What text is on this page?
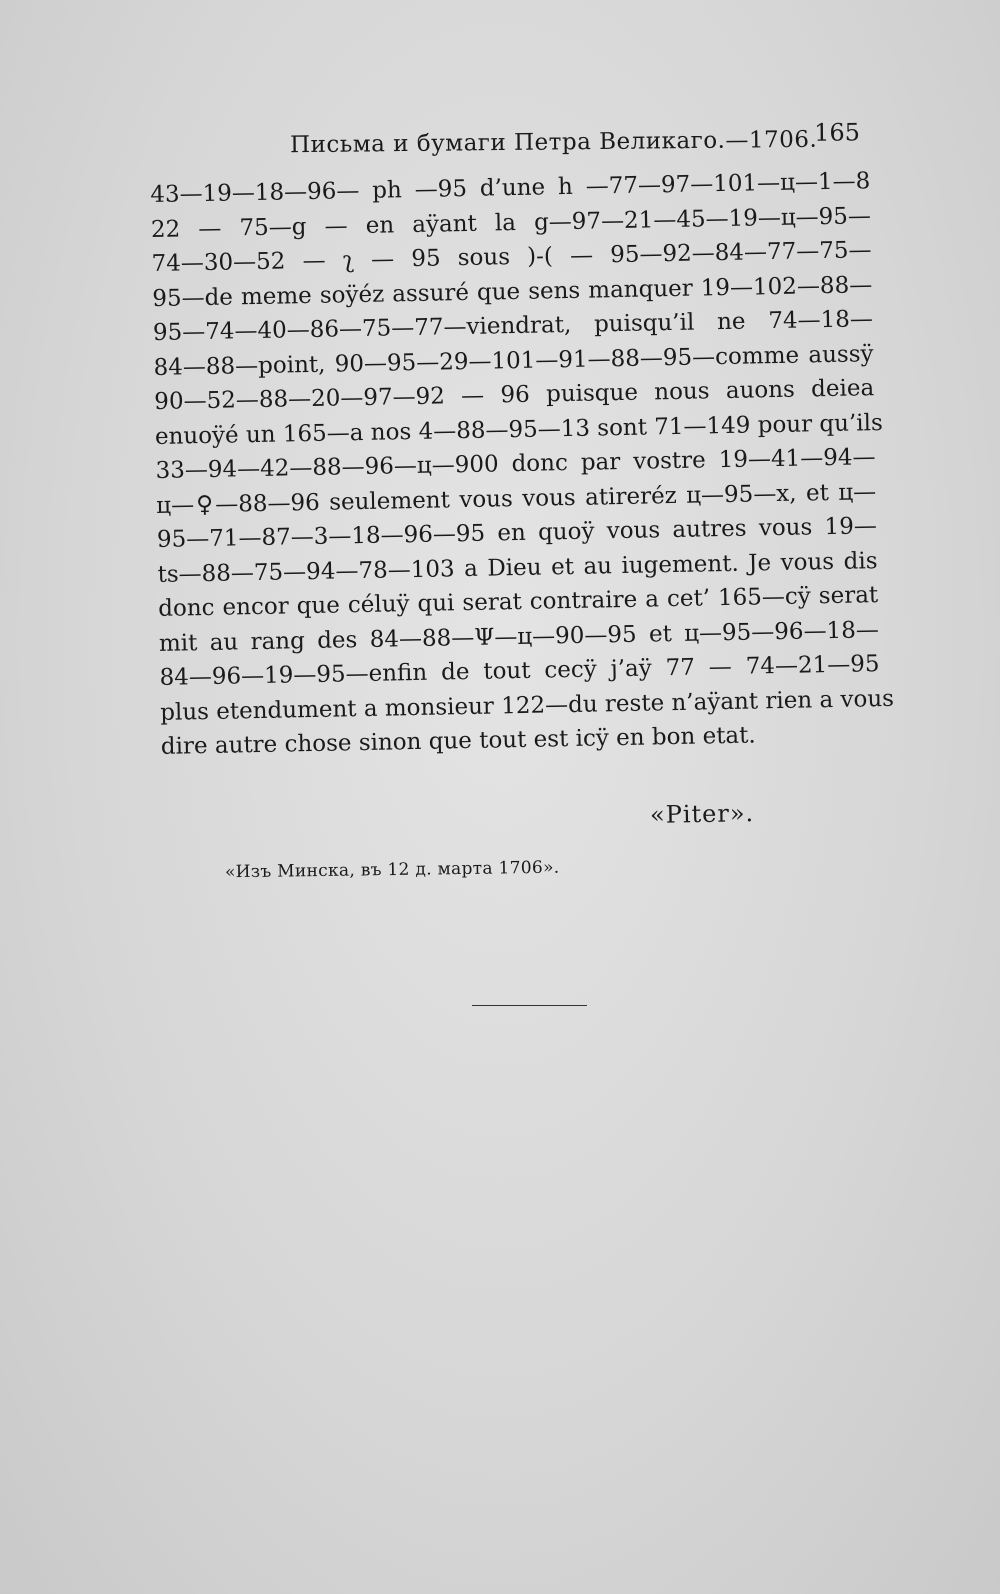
Письма и бумаги Петра Великаго.—1706.
165
43—19—18—96— ph —95 d’une h —77—97—101—ц—1—8
22 — 75—g — en aÿant la g—97—21—45—19—ц—95—
74—30—52 — ʅ — 95 sous )-( — 95—92—84—77—75—
95—de meme soÿéz assuré que sens manquer 19—102—88—
95—74—40—86—75—77—viendrat, puisqu’il ne 74—18—
84—88—point, 90—95—29—101—91—88—95—comme aussÿ
90—52—88—20—97—92 — 96 puisque nous auons deiea
enuoÿé un 165—a nos 4—88—95—13 sont 71—149 pour qu’ils
33—94—42—88—96—ц—900 donc par vostre 19—41—94—
ц—♀—88—96 seulement vous vous atireréz ц—95—x, et ц—
95—71—87—3—18—96—95 en quoÿ vous autres vous 19—
ts—88—75—94—78—103 a Dieu et au iugement. Je vous dis
donc encor que céluÿ qui serat contraire a cet’ 165—cÿ serat
mit au rang des 84—88—Ψ—ц—90—95 et ц—95—96—18—
84—96—19—95—enfin de tout cecÿ j’aÿ 77 — 74—21—95
plus etendument a monsieur 122—du reste n’aÿant rien a vous
dire autre chose sinon que tout est icÿ en bon etat.
«Piter».
«Изъ Минска, въ 12 д. марта 1706».
